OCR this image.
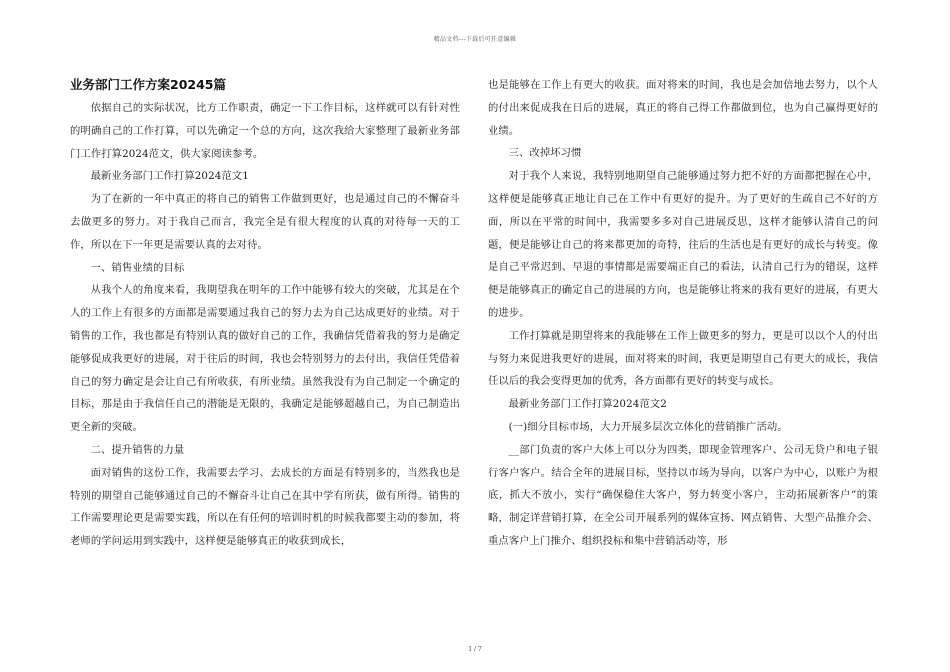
精品文档---下载后可任意编辑
业务部门工作方案20245篇

依据自己的实际状况，比方工作职责，确定一下工作目标，这样就可以有针对性的明确自己的工作打算，可以先确定一个总的方向，这次我给大家整理了最新业务部门工作打算2024范文，供大家阅读参考。

最新业务部门工作打算2024范文1

为了在新的一年中真正的将自己的销售工作做到更好，也是通过自己的不懈奋斗去做更多的努力。对于我自己而言，我完全是有很大程度的认真的对待每一天的工作，所以在下一年更是需要认真的去对待。

一、销售业绩的目标

从我个人的角度来看，我期望我在明年的工作中能够有较大的突破，尤其是在个人的工作上有很多的方面都是需要通过我自己的努力去为自己达成更好的业绩。对于销售的工作，我也都是有特别认真的做好自己的工作，我确信凭借着我的努力是确定能够促成我更好的进展，对于往后的时间，我也会特别努力的去付出，我信任凭借着自己的努力确定是会让自己有所收获，有所业绩。虽然我没有为自己制定一个确定的目标，那是由于我信任自己的潜能是无限的，我确定是能够超越自己，为自己制造出更全新的突破。

二、提升销售的力量

面对销售的这份工作，我需要去学习、去成长的方面是有特别多的，当然我也是特别的期望自己能够通过自己的不懈奋斗让自己在其中学有所获，做有所得。销售的工作需要理论更是需要实践，所以在有任何的培训时机的时候我都要主动的参加，将老师的学问运用到实践中，这样便是能够真正的收获到成长，

也是能够在工作上有更大的收获。面对将来的时间，我也是会加倍地去努力，以个人的付出来促成我在日后的进展，真正的将自己得工作都做到位，也为自己赢得更好的业绩。

三、改掉坏习惯

对于我个人来说，我特别地期望自己能够通过努力把不好的方面都把握在心中，这样便是能够真正地让自己在工作中有更好的提升。为了更好的生疏自己不好的方面，所以在平常的时间中，我需要多多对自己进展反思，这样才能够认清自己的问题，便是能够让自己的将来都更加的奇特，往后的生活也是有更好的成长与转变。像是自己平常迟到、早退的事情都是需要端正自己的看法，认清自己行为的错误，这样便是能够真正的确定自己的进展的方向，也是能够让将来的我有更好的进展，有更大的进步。

工作打算就是期望将来的我能够在工作上做更多的努力，更是可以以个人的付出与努力来促进我更好的进展，面对将来的时间，我更是期望自己有更大的成长，我信任以后的我会变得更加的优秀，各方面都有更好的转变与成长。

最新业务部门工作打算2024范文2

(一)细分目标市场，大力开展多层次立体化的营销推广活动。

__部门负责的客户大体上可以分为四类，即现金管理客户、公司无贷户和电子银行客户客户。结合全年的进展目标，坚持以市场为导向，以客户为中心，以账户为根底，抓大不放小，实行“确保稳住大客户，努力转变小客户，主动拓展新客户”的策略，制定详营销打算，在全公司开展系列的媒体宣扬、网点销售、大型产品推介会、重点客户上门推介、组织投标和集中营销活动等，形

1 / 7
